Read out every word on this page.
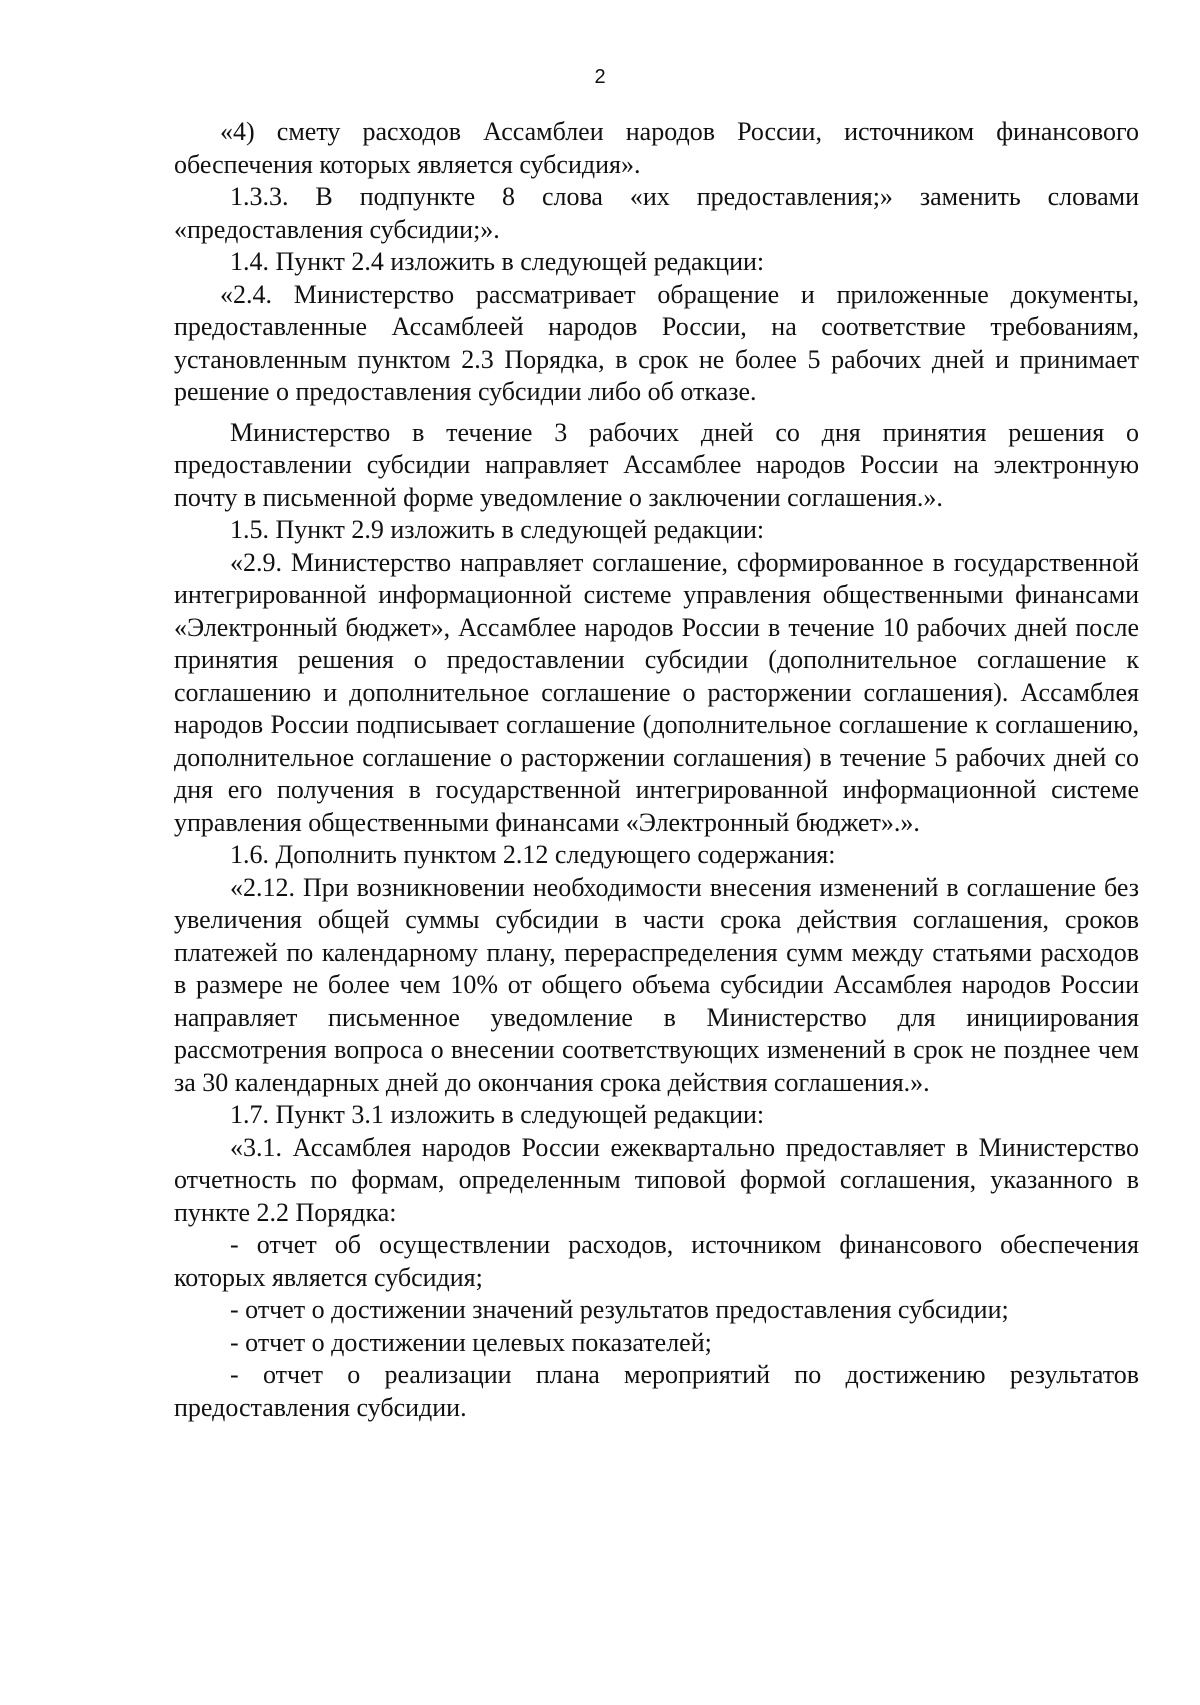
2

«4) смету расходов Ассамблеи народов России, источником финансового обеспечения которых является субсидия».

1.3.3. В подпункте 8 слова «их предоставления;» заменить словами «предоставления субсидии;».

1.4. Пункт 2.4 изложить в следующей редакции:

«2.4. Министерство рассматривает обращение и приложенные документы, предоставленные Ассамблеей народов России, на соответствие требованиям, установленным пунктом 2.3 Порядка, в срок не более 5 рабочих дней и принимает решение о предоставления субсидии либо об отказе.

Министерство в течение 3 рабочих дней со дня принятия решения о предоставлении субсидии направляет Ассамблее народов России на электронную почту в письменной форме уведомление о заключении соглашения.».

1.5. Пункт 2.9 изложить в следующей редакции:

«2.9. Министерство направляет соглашение, сформированное в государственной интегрированной информационной системе управления общественными финансами «Электронный бюджет», Ассамблее народов России в течение 10 рабочих дней после принятия решения о предоставлении субсидии (дополнительное соглашение к соглашению и дополнительное соглашение о расторжении соглашения). Ассамблея народов России подписывает соглашение (дополнительное соглашение к соглашению, дополнительное соглашение о расторжении соглашения) в течение 5 рабочих дней со дня его получения в государственной интегрированной информационной системе управления общественными финансами «Электронный бюджет».».

1.6. Дополнить пунктом 2.12 следующего содержания:

«2.12. При возникновении необходимости внесения изменений в соглашение без увеличения общей суммы субсидии в части срока действия соглашения, сроков платежей по календарному плану, перераспределения сумм между статьями расходов в размере не более чем 10% от общего объема субсидии Ассамблея народов России направляет письменное уведомление в Министерство для инициирования рассмотрения вопроса о внесении соответствующих изменений в срок не позднее чем за 30 календарных дней до окончания срока действия соглашения.».

1.7. Пункт 3.1 изложить в следующей редакции:

«3.1. Ассамблея народов России ежеквартально предоставляет в Министерство отчетность по формам, определенным типовой формой соглашения, указанного в пункте 2.2 Порядка:

- отчет об осуществлении расходов, источником финансового обеспечения которых является субсидия;

- отчет о достижении значений результатов предоставления субсидии;

- отчет о достижении целевых показателей;

- отчет о реализации плана мероприятий по достижению результатов предоставления субсидии.
